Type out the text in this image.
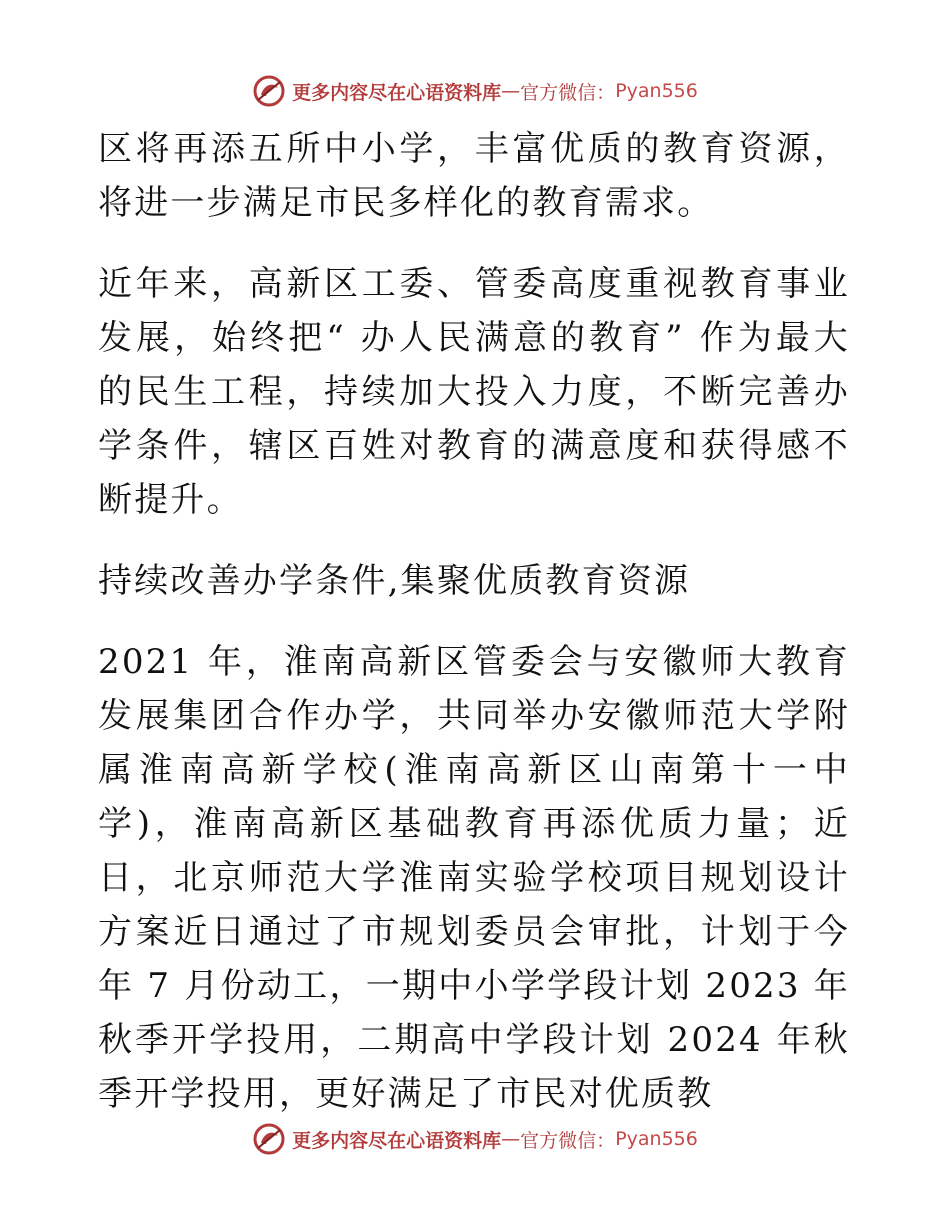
更多内容尽在心语资料库 — 官方微信： Pyan556

区将再添五所中小学，丰富优质的教育资源，将进一步满足市民多样化的教育需求。

近年来，高新区工委、管委高度重视教育事业发展，始终把“ 办人民满意的教育” 作为最大的民生工程，持续加大投入力度，不断完善办学条件，辖区百姓对教育的满意度和获得感不断提升。

持续改善办学条件,集聚优质教育资源

2021 年，淮南高新区管委会与安徽师大教育发展集团合作办学，共同举办安徽师范大学附属淮南高新学校(淮南高新区山南第十一中学)，淮南高新区基础教育再添优质力量；近日，北京师范大学淮南实验学校项目规划设计方案近日通过了市规划委员会审批，计划于今年 7 月份动工，一期中小学学段计划 2023 年秋季开学投用，二期高中学段计划 2024 年秋季开学投用，更好满足了市民对优质教

更多内容尽在心语资料库 — 官方微信： Pyan556
